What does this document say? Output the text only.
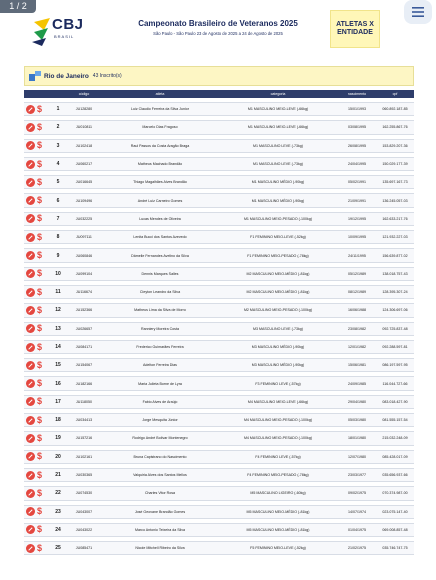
1 / 2
CBJ
BRASIL
Campeonato Brasileiro de Veteranos 2025
São Paulo - São Paulo 23 de Agosto de 2025 a 24 de Agosto de 2025
ATLETAS X
ENTIDADE
Rio de Janeiro 43 Inscrito(s)
código	atleta	categoria	nascimento	cpf
$	1	JU128280	Luiz Claudio Ferreira da Silva Junior	M1 MASCULINO MEIO-LEVE (-66kg)	15/01/1993	060.892.187-85
$	2	JU010811	Marcelo Dias Fragoso	M1 MASCULINO MEIO-LEVE (-66kg)	03/08/1995	162.255.867-76
$	3	JU102418	Raul Passos da Costa Aragão Braga	M1 MASCULINO LEVE (-73kg)	26/08/1995	153.829.207-36
$	4	JU060217	Matheus Machado Brandão	M1 MASCULINO LEVE (-73kg)	24/04/1995	150.029.177-39
$	5	JU016645	Thiago Magalhães Alves Brandão	M1 MASCULINO MÉDIO (-90kg)	05/02/1991	135.697.167-73
$	6	JU109496	André Luiz Carneiro Gomes	M1 MASCULINO MÉDIO (-90kg)	21/09/1991	136.245.057-03
$	7	JU032225	Lucas Mendes de Oliveira	M1 MASCULINO MEIO-PESADO (-100kg)	19/12/1995	162.633.217-76
$	8	JU097111	Lenita Bucci dos Santos Azevedo	F1 FEMININO MEIO-LEVE (-52kg)	10/09/1995	121.932.227-03
$	9	JU060846	Dâmelle Fernandes Avelino da Silva	F1 FEMININO MEIO-PESADO (-78kg)	24/11/1995	156.639.877-02
$	10	JU099104	Dennis Marques Salles	M2 MASCULINO MEIO-MÉDIO (-81kg)	05/12/1989	138.018.757-43
$	11	JU116674	Cleyton Leandro da Silva	M2 MASCULINO MEIO-MÉDIO (-81kg)	08/12/1989	128.395.307-24
$	12	JU152366	Matheus Lima da Silva de Morro	M2 MASCULINO MEIO-PESADO (-100kg)	16/06/1988	124.306.697-06
$	13	JU026657	Ranniery Moreira Costa	M3 MASCULINO LEVE (-73kg)	23/08/1982	092.725.837-48
$	14	JU084171	Frederico Guimarães Ferreira	M3 MASCULINO MÉDIO (-90kg)	12/01/1982	092.288.597-81
$	15	JU154067	Adelton Ferreira Dias	M3 MASCULINO MÉDIO (-90kg)	15/06/1981	086.197.597-95
$	16	JU182166	Maria Julieta Borne de Lyra	F3 FEMININO LEVE (-57kg)	24/09/1985	116.044.727-66
$	17	JU118050	Fabio Alves de Araújo	M4 MASCULINO MEIO-LEVE (-66kg)	29/04/1980	083.018.427-90
$	18	JU034413	Jorge Mesquita Júnior	M4 MASCULINO MEIO-PESADO (-100kg)	05/03/1980	081.555.157-54
$	19	JU157216	Rodrigo André Bolívar Montenegro	M4 MASCULINO MEIO-PESADO (-100kg)	18/01/1980	215.032.248-09
$	20	JU102161	Bruna Capistrano do Nascimento	F4 FEMININO LEVE (-57kg)	12/07/1980	085.428.017-09
$	21	JU030365	Valquiria Alves dos Santos Mellos	F4 FEMININO MEIO-PESADO (-78kg)	23/03/1977	035.656.937-66
$	22	JU074530	Charles Vitor Rosa	M5 MASCULINO LIGEIRO (-60kg)	09/02/1975	070.374.987-00
$	23	JU043007	José Geovane Brandão Gomes	M5 MASCULINO MEIO-MÉDIO (-81kg)	14/07/1974	023.075.147-40
$	24	JU043022	Marco Antonio Teixeira da Silva	M5 MASCULINO MEIO-MÉDIO (-81kg)	01/04/1975	069.008.857-48
$	25	JU085471	Nicole Mitchell Ribeiro da Silva	F5 FEMININO MEIO-LEVE (-52kg)	21/02/1975	035.746.747-75
